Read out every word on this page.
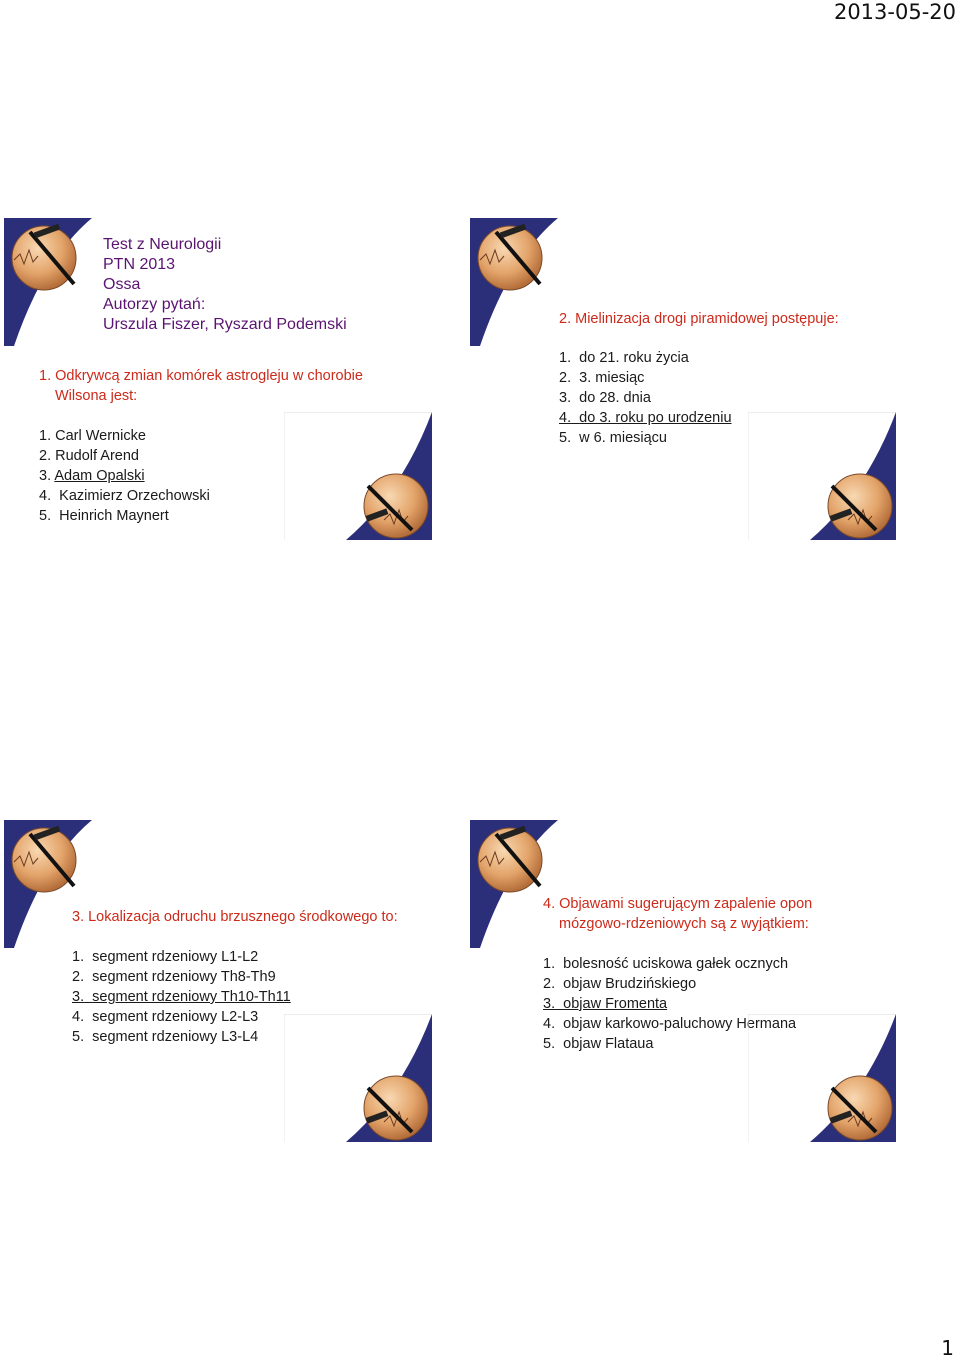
2013-05-20
Test z Neurologii
PTN 2013
Ossa
Autorzy pytań:
Urszula Fiszer, Ryszard Podemski
1. Odkrywcą zmian komórek astrogleju w chorobie
Wilsona jest:
1. Carl Wernicke
2. Rudolf Arend
3. Adam Opalski
4. Kazimierz Orzechowski
5. Heinrich Maynert
2. Mielinizacja drogi piramidowej postępuje:
1. do 21. roku życia
2. 3. miesiąc
3. do 28. dnia
4. do 3. roku po urodzeniu
5. w 6. miesiącu
3. Lokalizacja odruchu brzusznego środkowego to:
1. segment rdzeniowy L1-L2
2. segment rdzeniowy Th8-Th9
3. segment rdzeniowy Th10-Th11
4. segment rdzeniowy L2-L3
5. segment rdzeniowy L3-L4
4. Objawami sugerującym zapalenie opon
mózgowo-rdzeniowych są z wyjątkiem:
1. bolesność uciskowa gałek ocznych
2. objaw Brudzińskiego
3. objaw Fromenta
4. objaw karkowo-paluchowy Hermana
5. objaw Flataua
1
